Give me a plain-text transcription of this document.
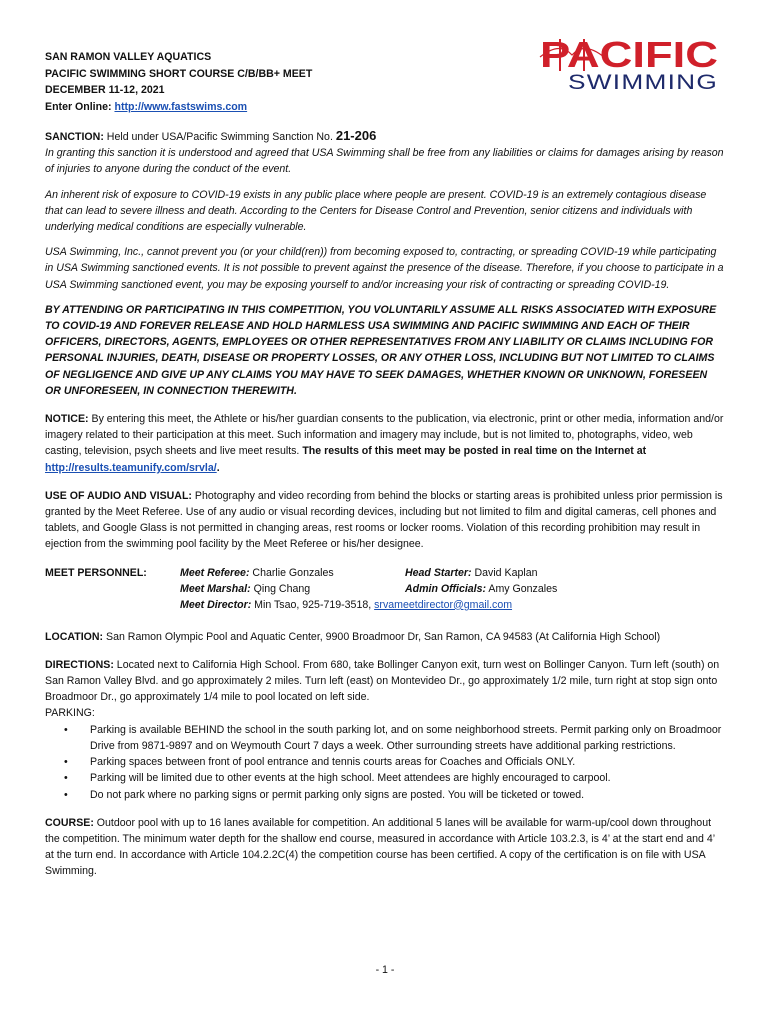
SAN RAMON VALLEY AQUATICS
PACIFIC SWIMMING SHORT COURSE C/B/BB+ MEET
DECEMBER 11-12, 2021
Enter Online: http://www.fastswims.com
PACIFIC
SWIMMING

SANCTION: Held under USA/Pacific Swimming Sanction No. 21-206

In granting this sanction it is understood and agreed that USA Swimming shall be free from any liabilities or claims for damages arising by reason of injuries to anyone during the conduct of the event.

An inherent risk of exposure to COVID-19 exists in any public place where people are present. COVID-19 is an extremely contagious disease that can lead to severe illness and death. According to the Centers for Disease Control and Prevention, senior citizens and individuals with underlying medical conditions are especially vulnerable.

USA Swimming, Inc., cannot prevent you (or your child(ren)) from becoming exposed to, contracting, or spreading COVID-19 while participating in USA Swimming sanctioned events. It is not possible to prevent against the presence of the disease. Therefore, if you choose to participate in a USA Swimming sanctioned event, you may be exposing yourself to and/or increasing your risk of contracting or spreading COVID-19.

BY ATTENDING OR PARTICIPATING IN THIS COMPETITION, YOU VOLUNTARILY ASSUME ALL RISKS ASSOCIATED WITH EXPOSURE TO COVID-19 AND FOREVER RELEASE AND HOLD HARMLESS USA SWIMMING AND PACIFIC SWIMMING AND EACH OF THEIR OFFICERS, DIRECTORS, AGENTS, EMPLOYEES OR OTHER REPRESENTATIVES FROM ANY LIABILITY OR CLAIMS INCLUDING FOR PERSONAL INJURIES, DEATH, DISEASE OR PROPERTY LOSSES, OR ANY OTHER LOSS, INCLUDING BUT NOT LIMITED TO CLAIMS OF NEGLIGENCE AND GIVE UP ANY CLAIMS YOU MAY HAVE TO SEEK DAMAGES, WHETHER KNOWN OR UNKNOWN, FORESEEN OR UNFORESEEN, IN CONNECTION THEREWITH.

NOTICE: By entering this meet, the Athlete or his/her guardian consents to the publication, via electronic, print or other media, information and/or imagery related to their participation at this meet. Such information and imagery may include, but is not limited to, photographs, video, web casting, television, psych sheets and live meet results. The results of this meet may be posted in real time on the Internet at http://results.teamunify.com/srvla/.

USE OF AUDIO AND VISUAL: Photography and video recording from behind the blocks or starting areas is prohibited unless prior permission is granted by the Meet Referee. Use of any audio or visual recording devices, including but not limited to film and digital cameras, cell phones and tablets, and Google Glass is not permitted in changing areas, rest rooms or locker rooms. Violation of this recording prohibition may result in ejection from the swimming pool facility by the Meet Referee or his/her designee.

MEET PERSONNEL:	Meet Referee: Charlie Gonzales	Head Starter: David Kaplan
Meet Marshal: Qing Chang	Admin Officials: Amy Gonzales
Meet Director: Min Tsao, 925-719-3518, srvameetdirector@gmail.com

LOCATION: San Ramon Olympic Pool and Aquatic Center, 9900 Broadmoor Dr, San Ramon, CA 94583 (At California High School)

DIRECTIONS: Located next to California High School. From 680, take Bollinger Canyon exit, turn west on Bollinger Canyon. Turn left (south) on San Ramon Valley Blvd. and go approximately 2 miles. Turn left (east) on Montevideo Dr., go approximately 1/2 mile, turn right at stop sign onto Broadmoor Dr., go approximately 1/4 mile to pool located on left side.

PARKING:

• Parking is available BEHIND the school in the south parking lot, and on some neighborhood streets. Permit parking only on Broadmoor Drive from 9871-9897 and on Weymouth Court 7 days a week. Other surrounding streets have additional parking restrictions.
• Parking spaces between front of pool entrance and tennis courts areas for Coaches and Officials ONLY.
• Parking will be limited due to other events at the high school. Meet attendees are highly encouraged to carpool.
• Do not park where no parking signs or permit parking only signs are posted. You will be ticketed or towed.

COURSE: Outdoor pool with up to 16 lanes available for competition. An additional 5 lanes will be available for warm-up/cool down throughout the competition. The minimum water depth for the shallow end course, measured in accordance with Article 103.2.3, is 4’ at the start end and 4’ at the turn end. In accordance with Article 104.2.2C(4) the competition course has been certified. A copy of the certification is on file with USA Swimming.

- 1 -
